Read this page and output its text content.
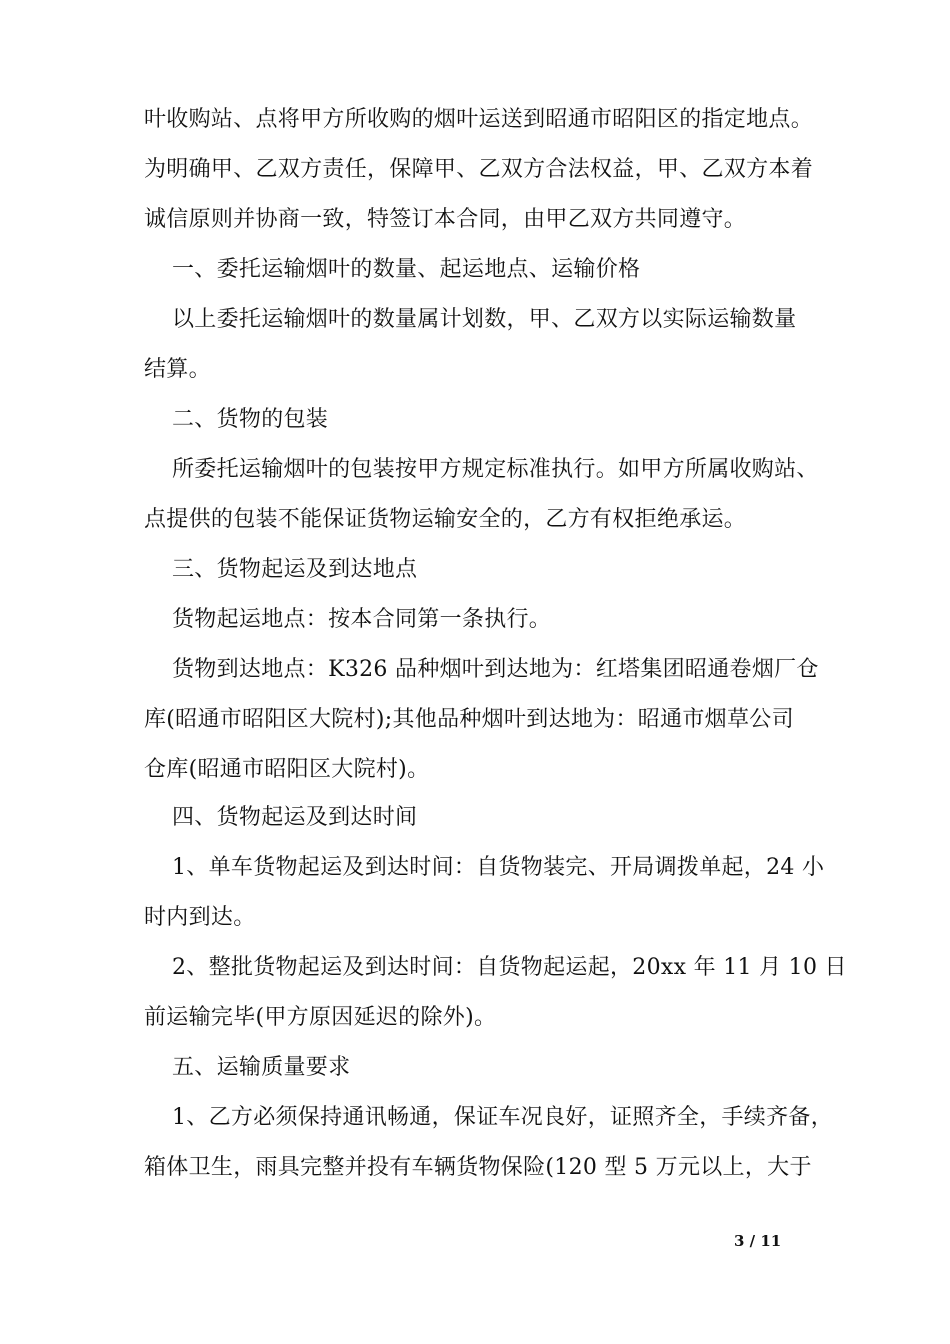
叶收购站、点将甲方所收购的烟叶运送到昭通市昭阳区的指定地点。
为明确甲、乙双方责任，保障甲、乙双方合法权益，甲、乙双方本着
诚信原则并协商一致，特签订本合同，由甲乙双方共同遵守。
一、委托运输烟叶的数量、起运地点、运输价格
以上委托运输烟叶的数量属计划数，甲、乙双方以实际运输数量
结算。
二、货物的包装
所委托运输烟叶的包装按甲方规定标准执行。如甲方所属收购站、
点提供的包装不能保证货物运输安全的，乙方有权拒绝承运。
三、货物起运及到达地点
货物起运地点：按本合同第一条执行。
货物到达地点：K326 品种烟叶到达地为：红塔集团昭通卷烟厂仓
库(昭通市昭阳区大院村);其他品种烟叶到达地为：昭通市烟草公司
仓库(昭通市昭阳区大院村)。
四、货物起运及到达时间
1、单车货物起运及到达时间：自货物装完、开局调拨单起，24 小
时内到达。
2、整批货物起运及到达时间：自货物起运起，20xx 年 11 月 10 日
前运输完毕(甲方原因延迟的除外)。
五、运输质量要求
1、乙方必须保持通讯畅通，保证车况良好，证照齐全，手续齐备，
箱体卫生，雨具完整并投有车辆货物保险(120 型 5 万元以上，大于
3 / 11
